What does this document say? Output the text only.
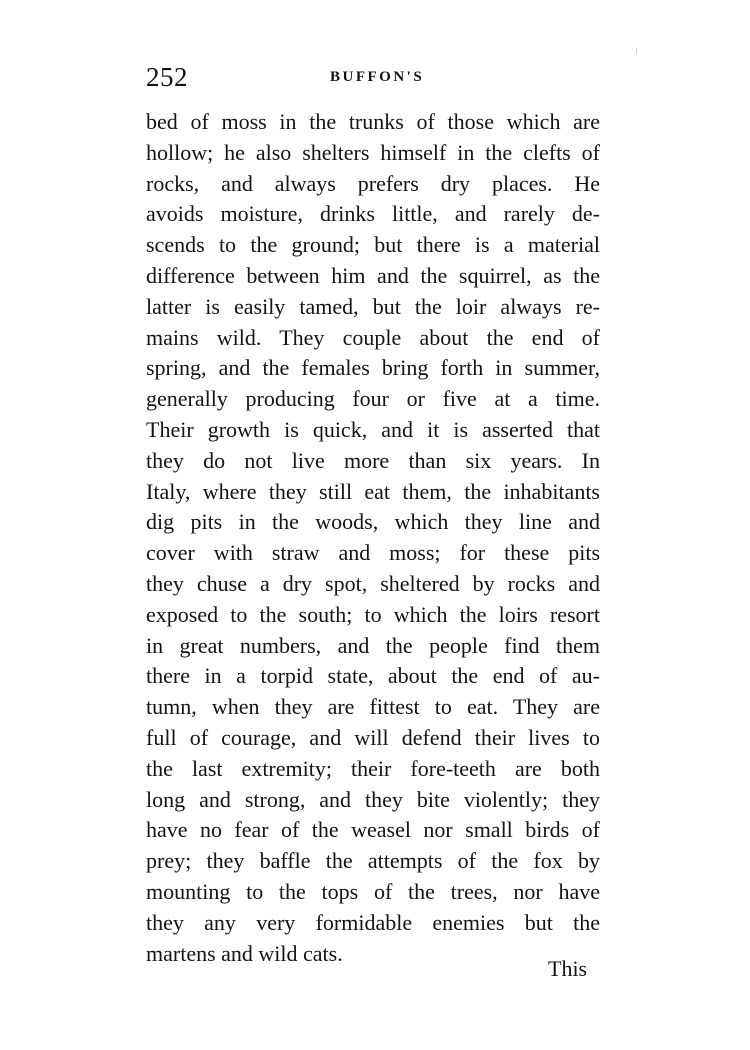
252	BUFFON'S
bed of moss in the trunks of those which are
hollow; he also shelters himself in the clefts of
rocks, and always prefers dry places. He
avoids moisture, drinks little, and rarely de-
scends to the ground; but there is a material
difference between him and the squirrel, as the
latter is easily tamed, but the loir always re-
mains wild. They couple about the end of
spring, and the females bring forth in summer,
generally producing four or five at a time.
Their growth is quick, and it is asserted that
they do not live more than six years. In
Italy, where they still eat them, the inhabitants
dig pits in the woods, which they line and
cover with straw and moss; for these pits
they chuse a dry spot, sheltered by rocks and
exposed to the south; to which the loirs resort
in great numbers, and the people find them
there in a torpid state, about the end of au-
tumn, when they are fittest to eat. They are
full of courage, and will defend their lives to
the last extremity; their fore-teeth are both
long and strong, and they bite violently; they
have no fear of the weasel nor small birds of
prey; they baffle the attempts of the fox by
mounting to the tops of the trees, nor have
they any very formidable enemies but the
martens and wild cats.
This
